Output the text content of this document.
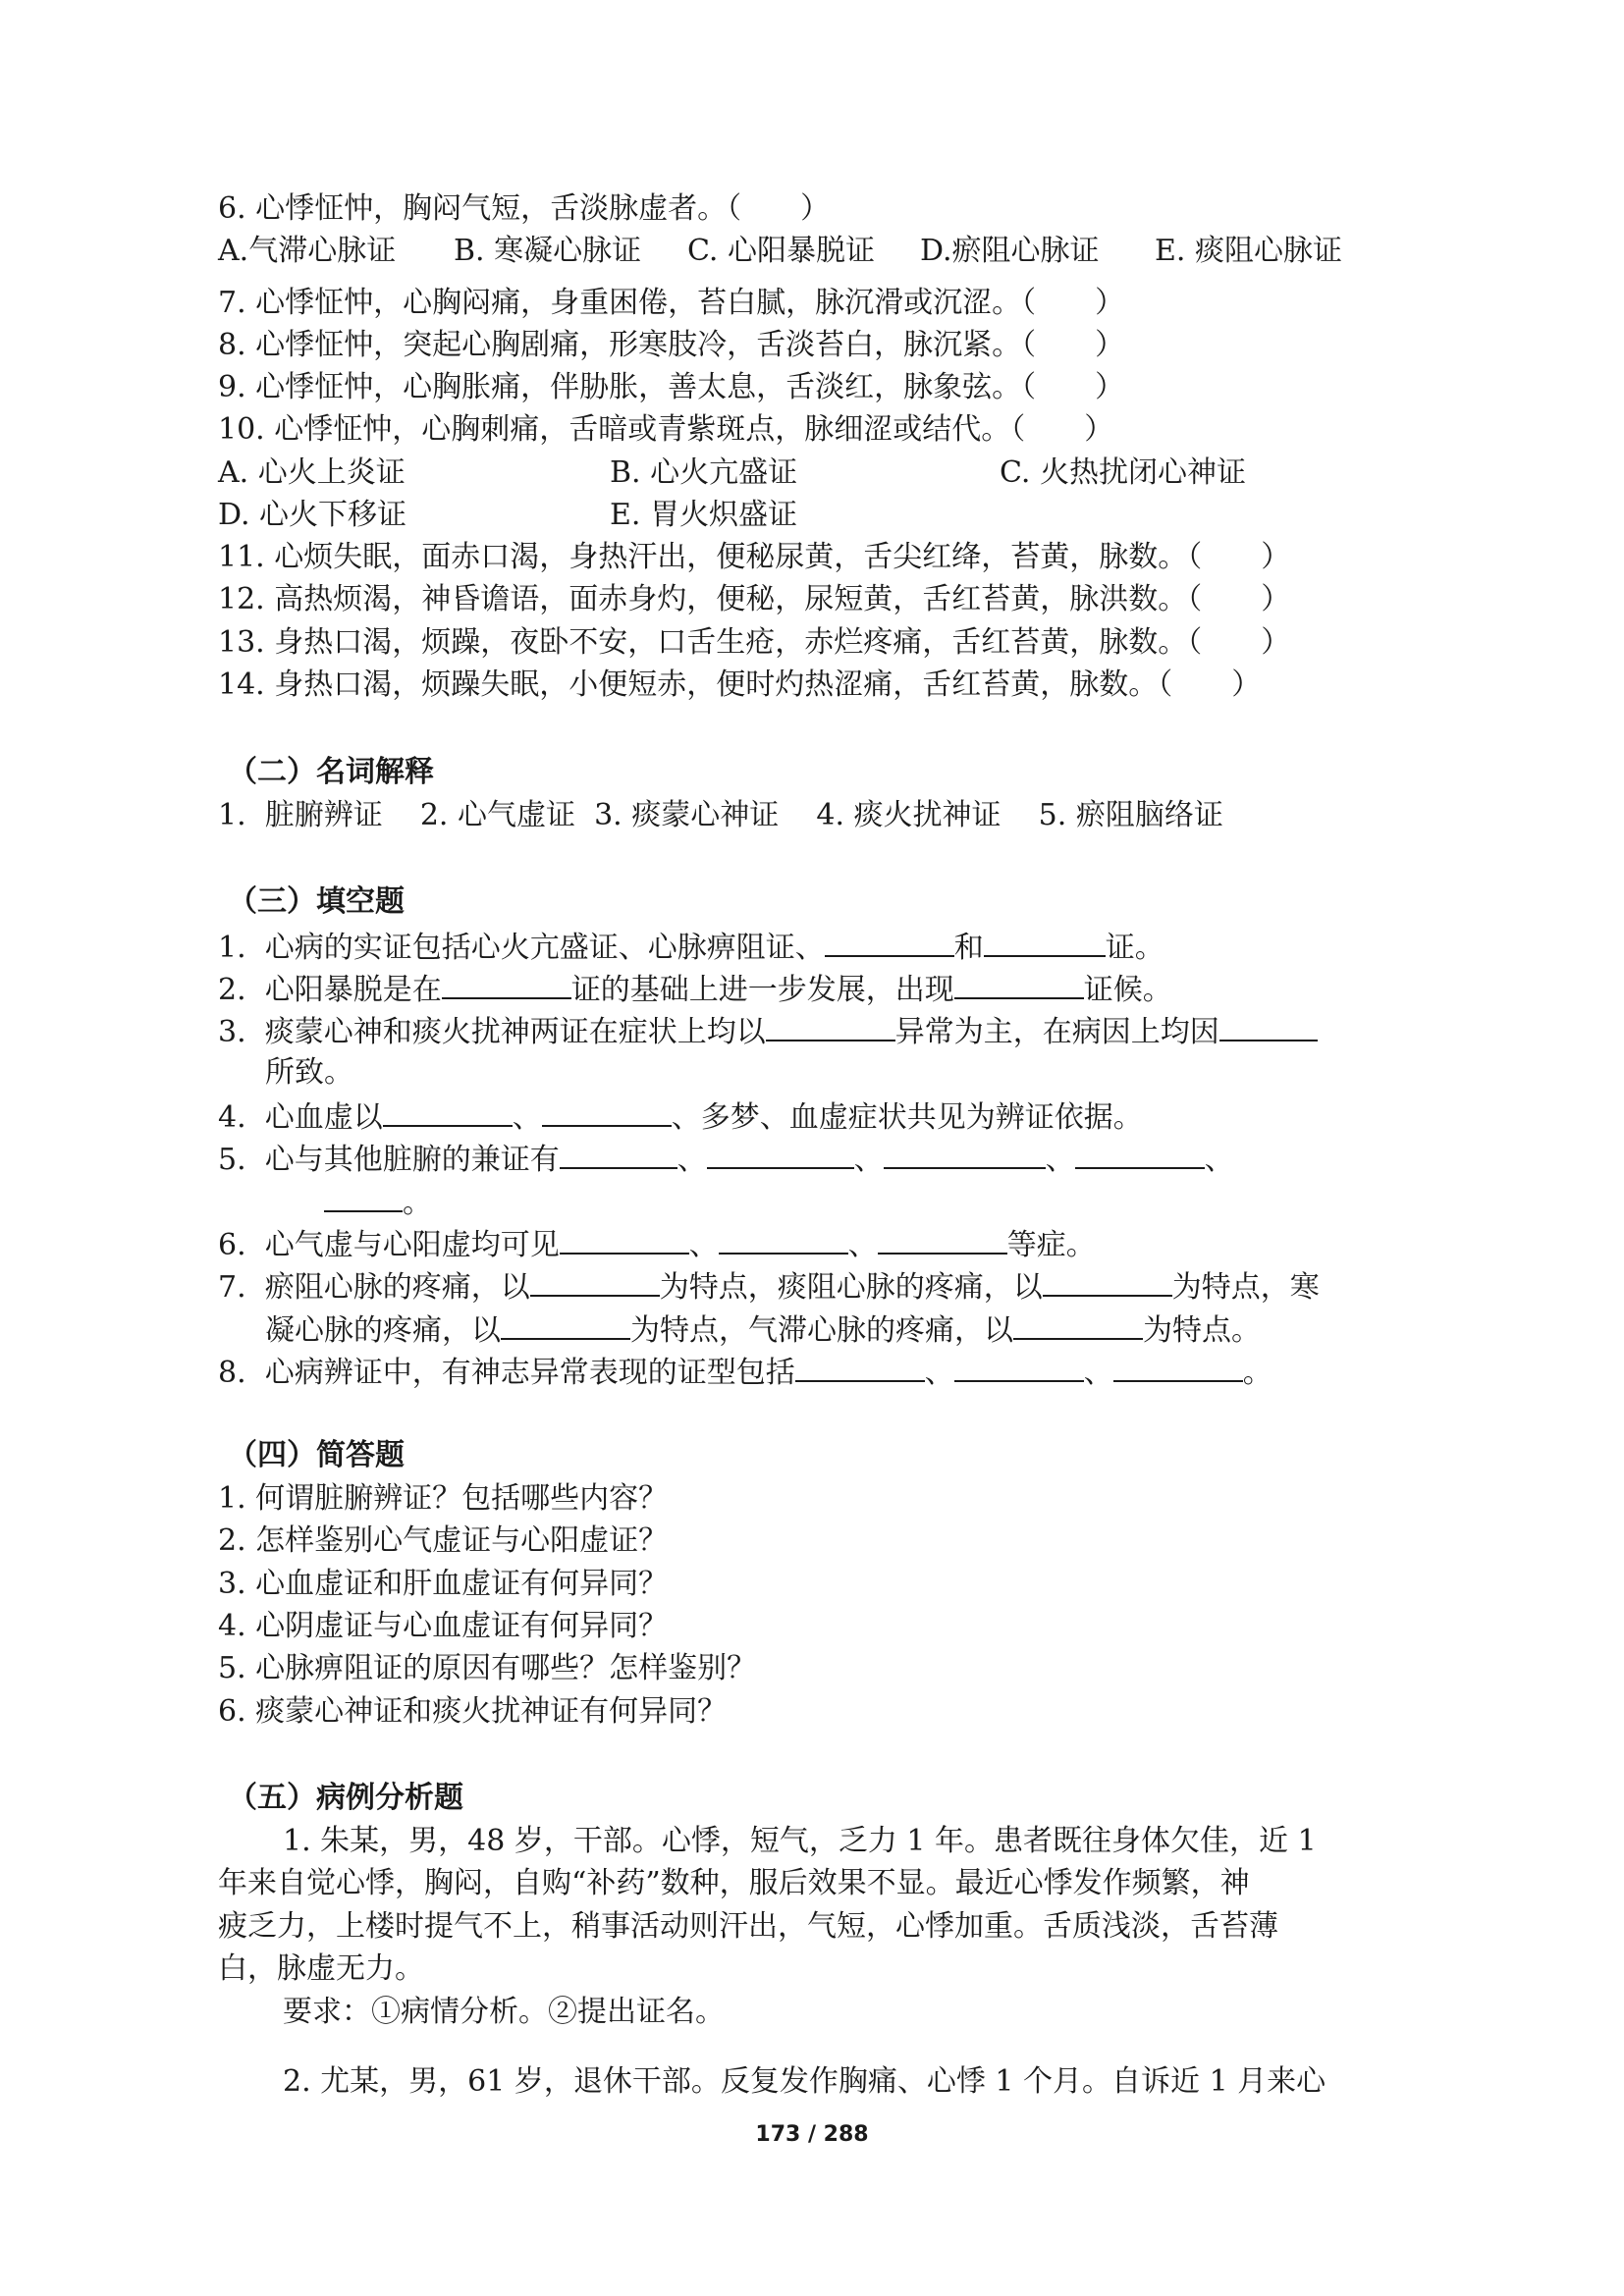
6. 心悸怔忡，胸闷气短，舌淡脉虚者。（　　）
A.气滞心脉证 B. 寒凝心脉证 C. 心阳暴脱证 D.瘀阻心脉证 E. 痰阻心脉证
7. 心悸怔忡，心胸闷痛，身重困倦，苔白腻，脉沉滑或沉涩。（　　）
8. 心悸怔忡，突起心胸剧痛，形寒肢冷，舌淡苔白，脉沉紧。（　　）
9. 心悸怔忡，心胸胀痛，伴胁胀，善太息，舌淡红，脉象弦。（　　）
10. 心悸怔忡，心胸刺痛，舌暗或青紫斑点，脉细涩或结代。（　　）
A. 心火上炎证	B. 心火亢盛证	C. 火热扰闭心神证
D. 心火下移证	E. 胃火炽盛证
11. 心烦失眠，面赤口渴，身热汗出，便秘尿黄，舌尖红绛，苔黄，脉数。（　　）
12. 高热烦渴，神昏谵语，面赤身灼，便秘，尿短黄，舌红苔黄，脉洪数。（　　）
13. 身热口渴，烦躁，夜卧不安，口舌生疮，赤烂疼痛，舌红苔黄，脉数。（　　）
14. 身热口渴，烦躁失眠，小便短赤，便时灼热涩痛，舌红苔黄，脉数。（　　）
（二）名词解释
1.  脏腑辨证    2. 心气虚证  3. 痰蒙心神证    4. 痰火扰神证    5. 瘀阻脑络证
（三）填空题
1.  心病的实证包括心火亢盛证、心脉痹阻证、	和	证。
2.  心阳暴脱是在	证的基础上进一步发展，出现	证候。
3.  痰蒙心神和痰火扰神两证在症状上均以	异常为主，在病因上均因
所致。
4.  心血虚以	、	、多梦、血虚症状共见为辨证依据。
5.  心与其他脏腑的兼证有	、	、	、	、
。
6.  心气虚与心阳虚均可见	、	、	等症。
7.  瘀阻心脉的疼痛，以	为特点，痰阻心脉的疼痛，以	为特点，寒
凝心脉的疼痛，以	为特点，气滞心脉的疼痛，以	为特点。
8.  心病辨证中，有神志异常表现的证型包括	、	、	。
（四）简答题
1. 何谓脏腑辨证？包括哪些内容？
2. 怎样鉴别心气虚证与心阳虚证？
3. 心血虚证和肝血虚证有何异同？
4. 心阴虚证与心血虚证有何异同？
5. 心脉痹阻证的原因有哪些？怎样鉴别？
6. 痰蒙心神证和痰火扰神证有何异同？
（五）病例分析题
1. 朱某，男，48 岁，干部。心悸，短气，乏力 1 年。患者既往身体欠佳，近 1
年来自觉心悸，胸闷，自购“补药”数种，服后效果不显。最近心悸发作频繁，神
疲乏力，上楼时提气不上，稍事活动则汗出，气短，心悸加重。舌质浅淡，舌苔薄
白，脉虚无力。
要求：①病情分析。②提出证名。
2. 尤某，男，61 岁，退休干部。反复发作胸痛、心悸 1 个月。自诉近 1 月来心
173 / 288
